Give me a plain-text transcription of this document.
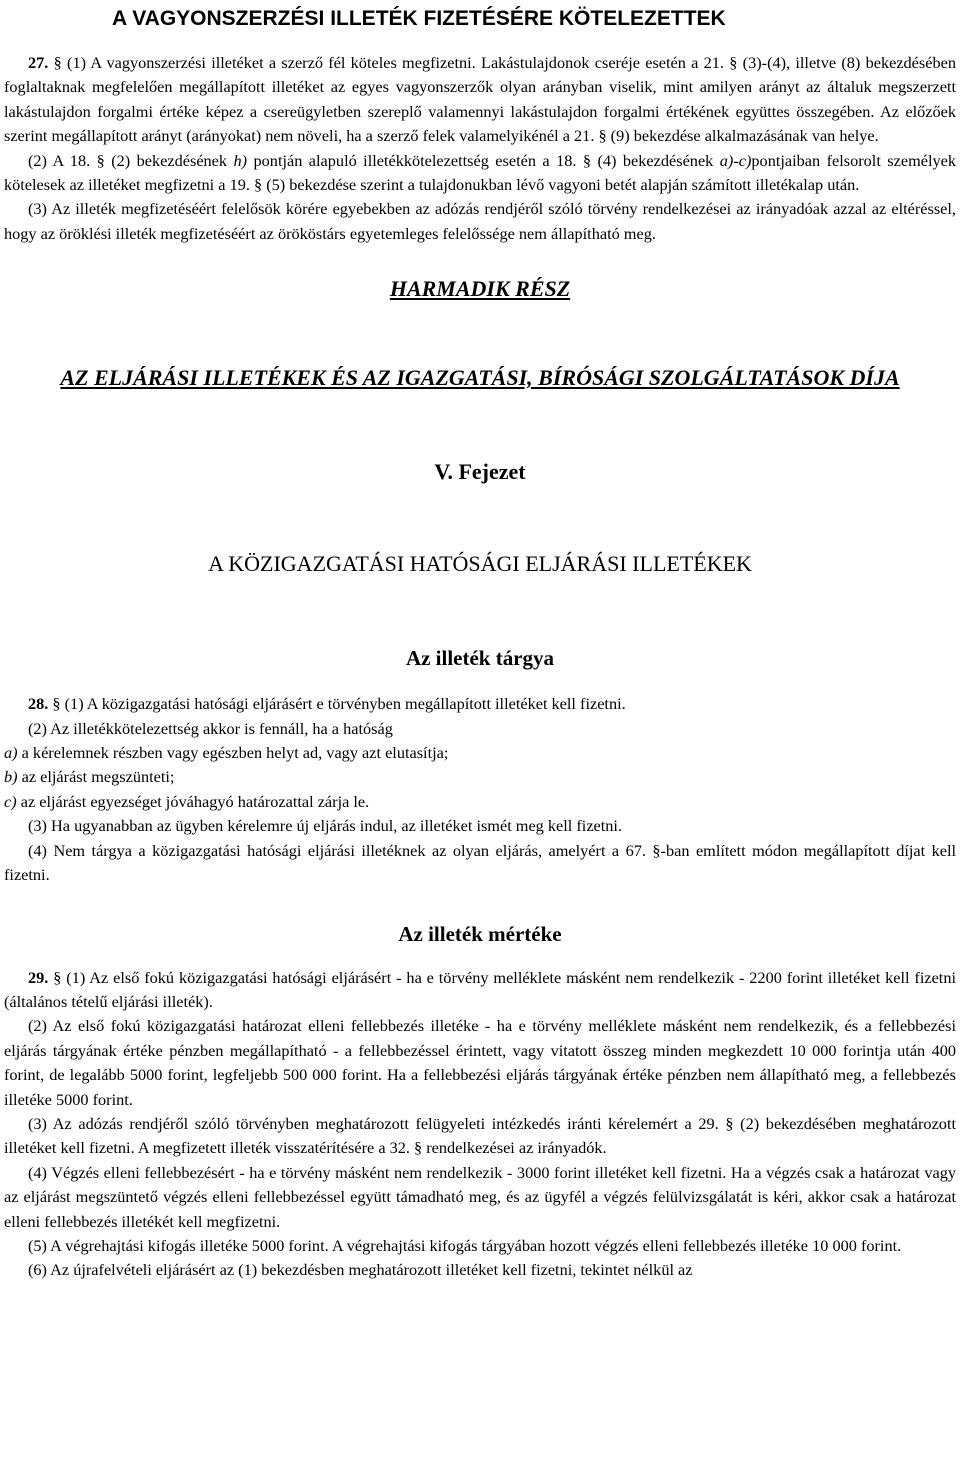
A VAGYONSZERZÉSI ILLETÉK FIZETÉSÉRE KÖTELEZETTEK

27. § (1) A vagyonszerzési illetéket a szerző fél köteles megfizetni. Lakástulajdonok cseréje esetén a 21. § (3)-(4), illetve (8) bekezdésében foglaltaknak megfelelően megállapított illetéket az egyes vagyonszerzők olyan arányban viselik, mint amilyen arányt az általuk megszerzett lakástulajdon forgalmi értéke képez a csereügyletben szereplő valamennyi lakástulajdon forgalmi értékének együttes összegében. Az előzőek szerint megállapított arányt (arányokat) nem növeli, ha a szerző felek valamelyikénél a 21. § (9) bekezdése alkalmazásának van helye.

(2) A 18. § (2) bekezdésének h) pontján alapuló illetékkötelezettség esetén a 18. § (4) bekezdésének a)-c)pontjaiban felsorolt személyek kötelesek az illetéket megfizetni a 19. § (5) bekezdése szerint a tulajdonukban lévő vagyoni betét alapján számított illetékalap után.

(3) Az illeték megfizetéséért felelősök körére egyebekben az adózás rendjéről szóló törvény rendelkezései az irányadóak azzal az eltéréssel, hogy az öröklési illeték megfizetéséért az örököstárs egyetemleges felelőssége nem állapítható meg.

HARMADIK RÉSZ

AZ ELJÁRÁSI ILLETÉKEK ÉS AZ IGAZGATÁSI, BÍRÓSÁGI SZOLGÁLTATÁSOK DÍJA

V. Fejezet

A KÖZIGAZGATÁSI HATÓSÁGI ELJÁRÁSI ILLETÉKEK

Az illeték tárgya

28. § (1) A közigazgatási hatósági eljárásért e törvényben megállapított illetéket kell fizetni.

(2) Az illetékkötelezettség akkor is fennáll, ha a hatóság

a) a kérelemnek részben vagy egészben helyt ad, vagy azt elutasítja;

b) az eljárást megszünteti;

c) az eljárást egyezséget jóváhagyó határozattal zárja le.

(3) Ha ugyanabban az ügyben kérelemre új eljárás indul, az illetéket ismét meg kell fizetni.

(4) Nem tárgya a közigazgatási hatósági eljárási illetéknek az olyan eljárás, amelyért a 67. §-ban említett módon megállapított díjat kell fizetni.

Az illeték mértéke

29. § (1) Az első fokú közigazgatási hatósági eljárásért - ha e törvény melléklete másként nem rendelkezik - 2200 forint illetéket kell fizetni (általános tételű eljárási illeték).

(2) Az első fokú közigazgatási határozat elleni fellebbezés illetéke - ha e törvény melléklete másként nem rendelkezik, és a fellebbezési eljárás tárgyának értéke pénzben megállapítható - a fellebbezéssel érintett, vagy vitatott összeg minden megkezdett 10 000 forintja után 400 forint, de legalább 5000 forint, legfeljebb 500 000 forint. Ha a fellebbezési eljárás tárgyának értéke pénzben nem állapítható meg, a fellebbezés illetéke 5000 forint.

(3) Az adózás rendjéről szóló törvényben meghatározott felügyeleti intézkedés iránti kérelemért a 29. § (2) bekezdésében meghatározott illetéket kell fizetni. A megfizetett illeték visszatérítésére a 32. § rendelkezései az irányadók.

(4) Végzés elleni fellebbezésért - ha e törvény másként nem rendelkezik - 3000 forint illetéket kell fizetni. Ha a végzés csak a határozat vagy az eljárást megszüntető végzés elleni fellebbezéssel együtt támadható meg, és az ügyfél a végzés felülvizsgálatát is kéri, akkor csak a határozat elleni fellebbezés illetékét kell megfizetni.

(5) A végrehajtási kifogás illetéke 5000 forint. A végrehajtási kifogás tárgyában hozott végzés elleni fellebbezés illetéke 10 000 forint.

(6) Az újrafelvételi eljárásért az (1) bekezdésben meghatározott illetéket kell fizetni, tekintet nélkül az
